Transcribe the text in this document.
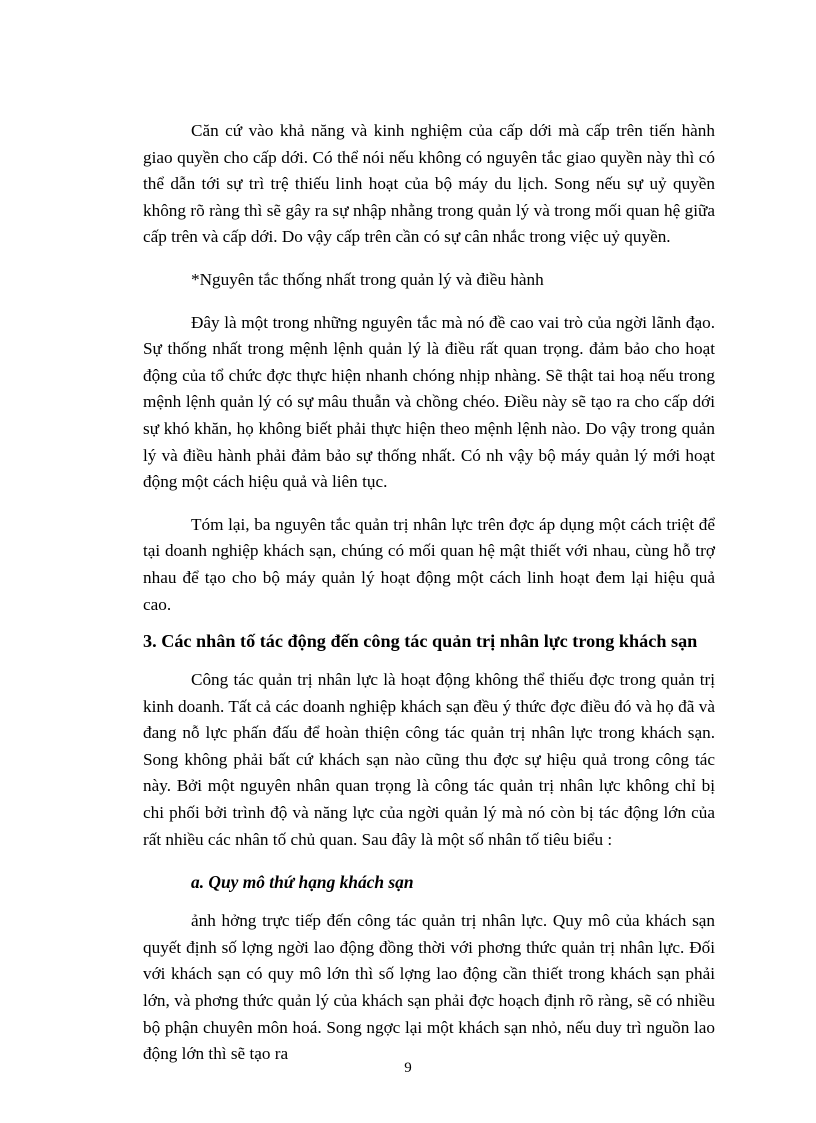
Căn cứ vào khả năng và kinh nghiệm của cấp dới mà cấp trên tiến hành giao quyền cho cấp dới. Có thể nói nếu không có nguyên tắc giao quyền này thì có thể dẫn tới sự trì trệ thiếu linh hoạt của bộ máy du lịch. Song nếu sự uỷ quyền không rõ ràng thì sẽ gây ra sự nhập nhằng trong quản lý và trong mối quan hệ giữa cấp trên và cấp dới. Do vậy cấp trên cần có sự cân nhắc trong việc uỷ quyền.

*Nguyên tắc thống nhất trong quản lý và điều hành

Đây là một trong những nguyên tắc mà nó đề cao vai trò của ngời lãnh đạo. Sự thống nhất trong mệnh lệnh quản lý là điều rất quan trọng. đảm bảo cho hoạt động của tổ chức đợc thực hiện nhanh chóng nhịp nhàng. Sẽ thật tai hoạ nếu trong mệnh lệnh quản lý có sự mâu thuẫn và chồng chéo. Điều này sẽ tạo ra cho cấp dới sự khó khăn, họ không biết phải thực hiện theo mệnh lệnh nào. Do vậy trong quản lý và điều hành phải đảm bảo sự thống nhất. Có nh vậy bộ máy quản lý mới hoạt động một cách hiệu quả và liên tục.

Tóm lại, ba nguyên tắc quản trị nhân lực trên đợc áp dụng một cách triệt để tại doanh nghiệp khách sạn, chúng có mối quan hệ mật thiết với nhau, cùng hỗ trợ nhau để tạo cho bộ máy quản lý hoạt động một cách linh hoạt đem lại hiệu quả cao.

3. Các nhân tố tác động đến công tác quản trị nhân lực trong khách sạn

Công tác quản trị nhân lực là hoạt động không thể thiếu đợc trong quản trị kinh doanh. Tất cả các doanh nghiệp khách sạn đều ý thức đợc điều đó và họ đã và đang nỗ lực phấn đấu để hoàn thiện công tác quản trị nhân lực trong khách sạn. Song không phải bất cứ khách sạn nào cũng thu đợc sự hiệu quả trong công tác này. Bởi một nguyên nhân quan trọng là công tác quản trị nhân lực không chỉ bị chi phối bởi trình độ và năng lực của ngời quản lý mà nó còn bị tác động lớn của rất nhiều các nhân tố chủ quan. Sau đây là một số nhân tố tiêu biểu :

a. Quy mô thứ hạng khách sạn

ảnh hởng trực tiếp đến công tác quản trị nhân lực. Quy mô của khách sạn quyết định số lợng ngời lao động đồng thời với phơng thức quản trị nhân lực. Đối với khách sạn có quy mô lớn thì số lợng lao động cần thiết trong khách sạn phải lớn, và phơng thức quản lý của khách sạn phải đợc hoạch định rõ ràng, sẽ có nhiều bộ phận chuyên môn hoá. Song ngợc lại một khách sạn nhỏ, nếu duy trì nguồn lao động lớn thì sẽ tạo ra

9
